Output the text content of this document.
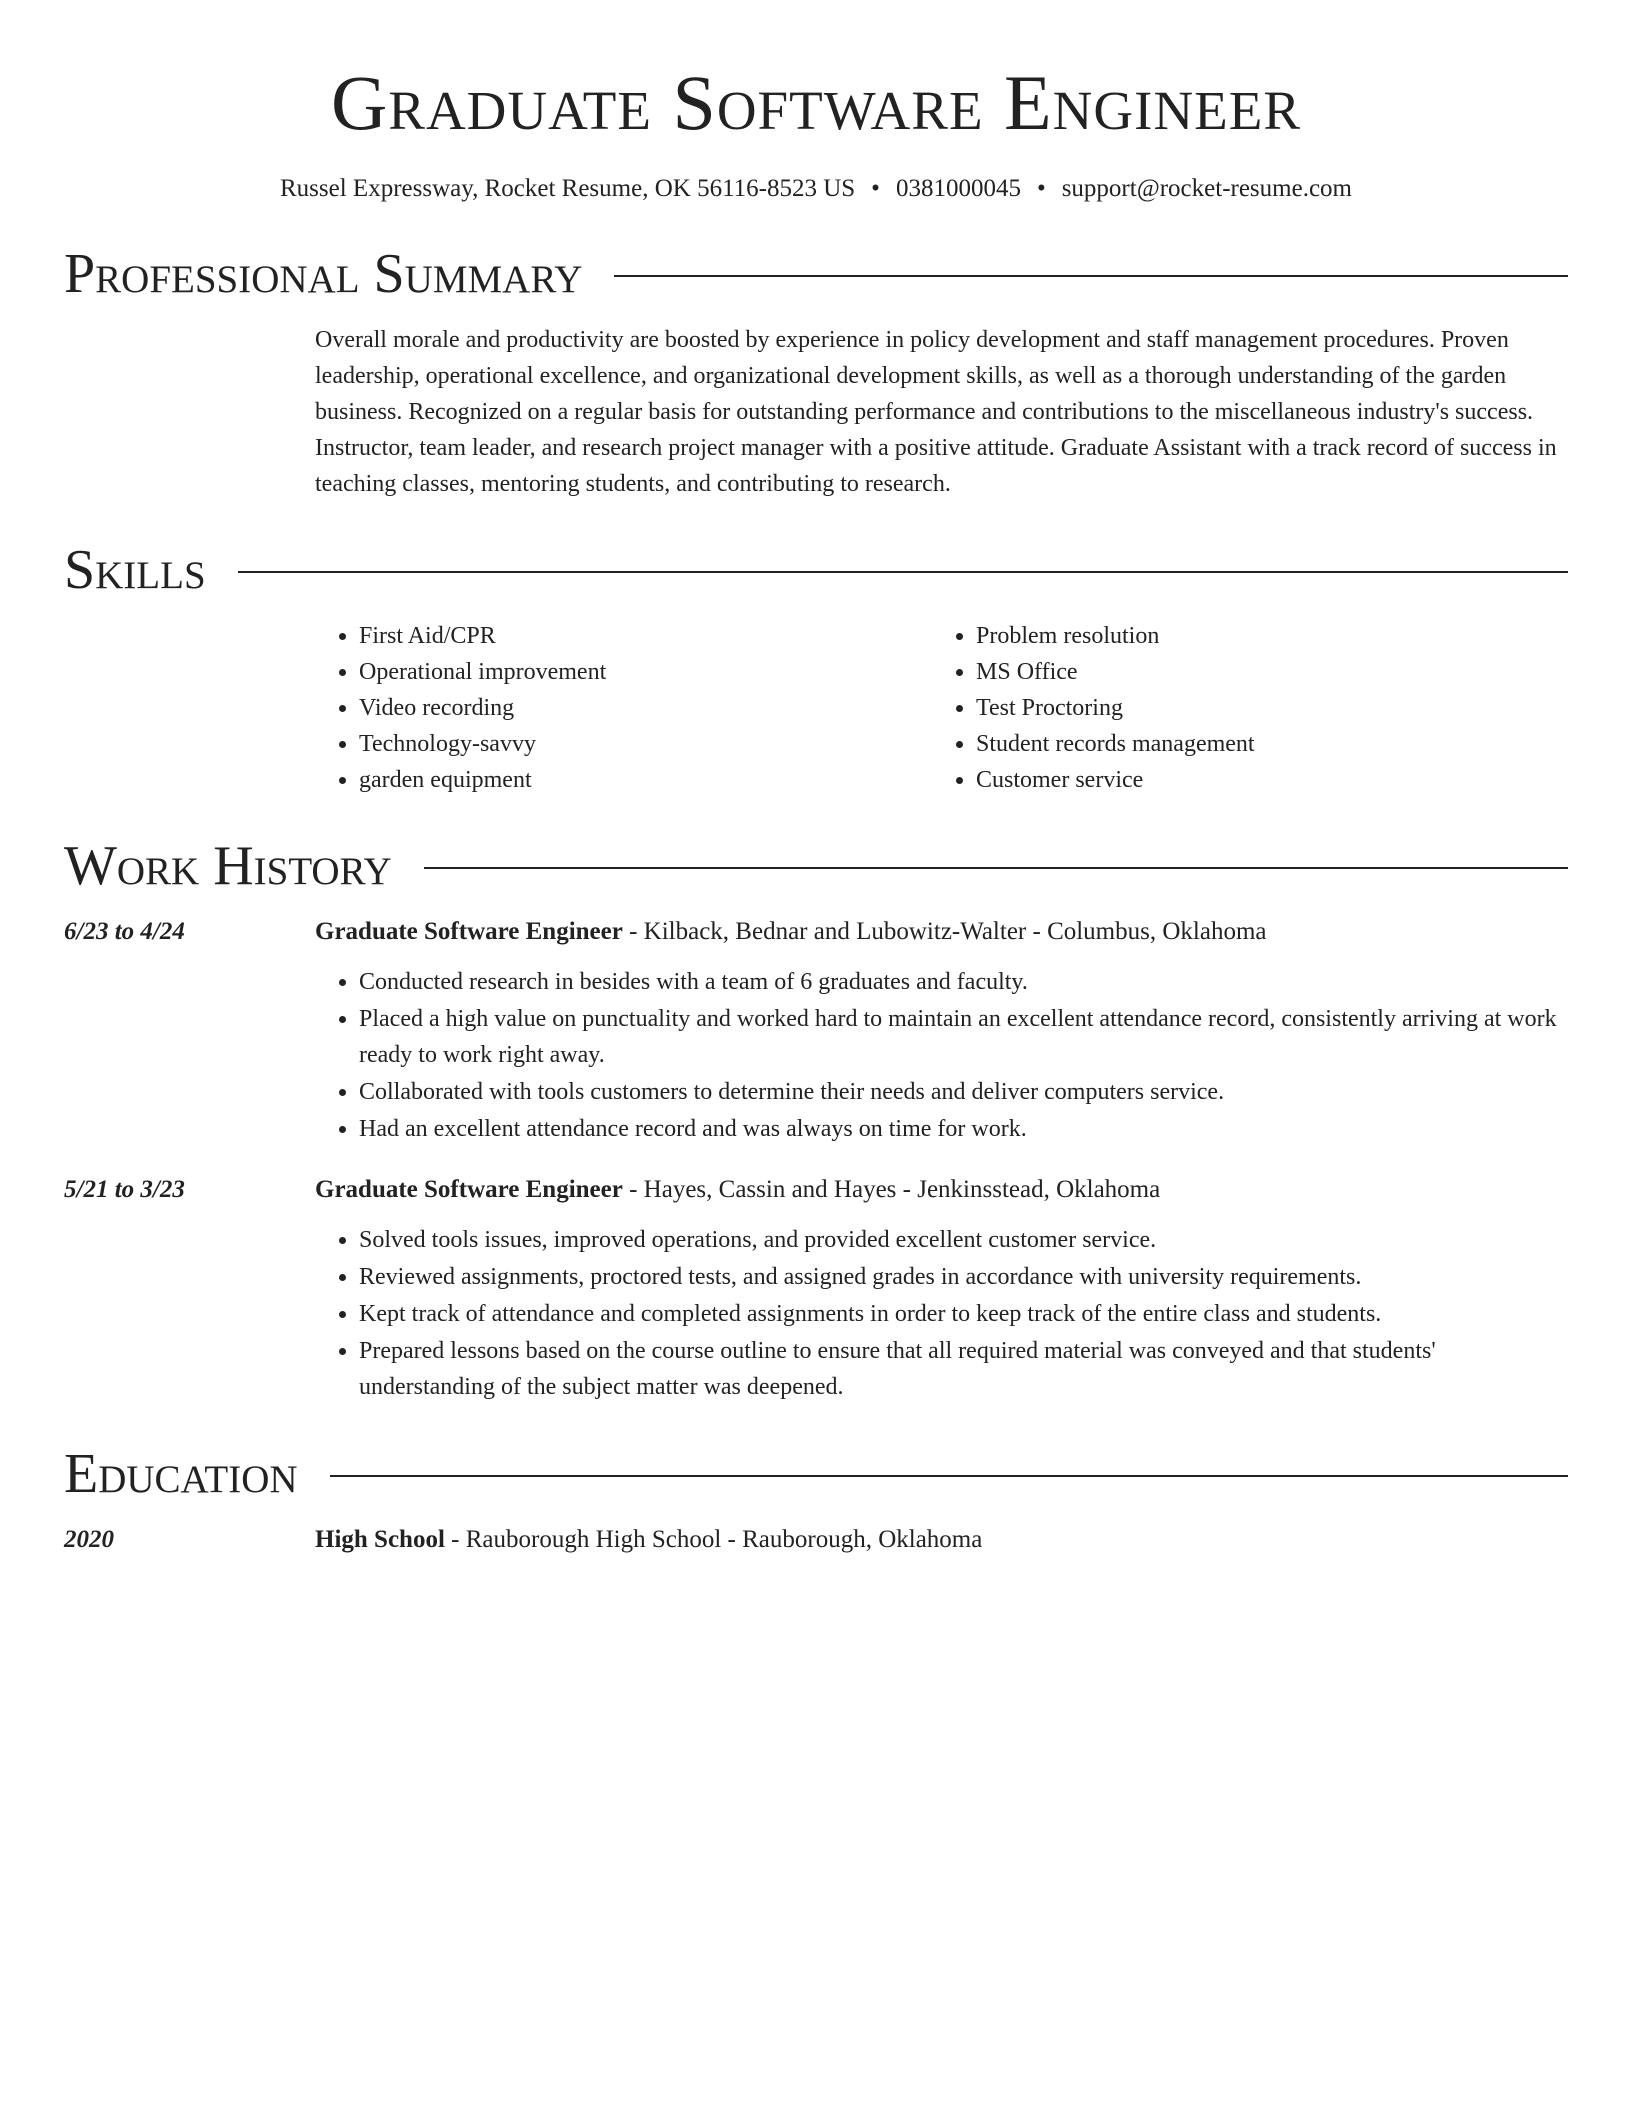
Graduate Software Engineer
Russel Expressway, Rocket Resume, OK 56116-8523 US • 0381000045 • support@rocket-resume.com
Professional Summary

Overall morale and productivity are boosted by experience in policy development and staff management procedures. Proven leadership, operational excellence, and organizational development skills, as well as a thorough understanding of the garden business. Recognized on a regular basis for outstanding performance and contributions to the miscellaneous industry's success. Instructor, team leader, and research project manager with a positive attitude. Graduate Assistant with a track record of success in teaching classes, mentoring students, and contributing to research.

Skills
• First Aid/CPR
• Operational improvement
• Video recording
• Technology-savvy
• garden equipment
• Problem resolution
• MS Office
• Test Proctoring
• Student records management
• Customer service
Work History
6/23 to 4/24	Graduate Software Engineer - Kilback, Bednar and Lubowitz-Walter - Columbus, Oklahoma
• Conducted research in besides with a team of 6 graduates and faculty.
• Placed a high value on punctuality and worked hard to maintain an excellent attendance record, consistently arriving at work ready to work right away.
• Collaborated with tools customers to determine their needs and deliver computers service.
• Had an excellent attendance record and was always on time for work.
5/21 to 3/23	Graduate Software Engineer - Hayes, Cassin and Hayes - Jenkinsstead, Oklahoma
• Solved tools issues, improved operations, and provided excellent customer service.
• Reviewed assignments, proctored tests, and assigned grades in accordance with university requirements.
• Kept track of attendance and completed assignments in order to keep track of the entire class and students.
• Prepared lessons based on the course outline to ensure that all required material was conveyed and that students' understanding of the subject matter was deepened.
Education
2020	High School - Rauborough High School - Rauborough, Oklahoma
